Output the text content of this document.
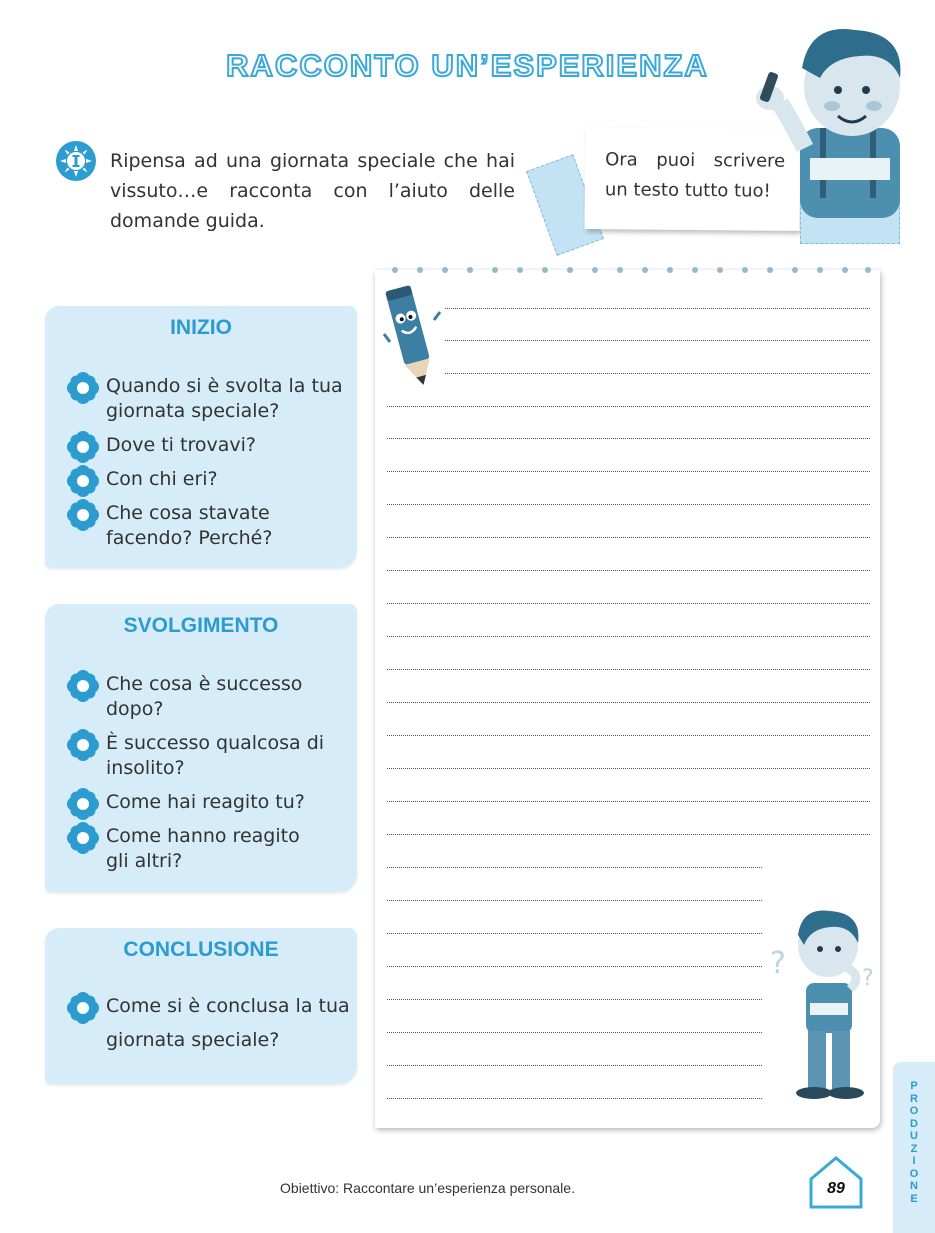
RACCONTO UN’ESPERIENZA
Ripensa ad una giornata speciale che hai vissuto…e racconta con l’aiuto delle domande guida.
Ora puoi scrivere un testo tutto tuo!
INIZIO
Quando si è svolta la tua giornata speciale?
Dove ti trovavi?
Con chi eri?
Che cosa stavate facendo? Perché?
SVOLGIMENTO
Che cosa è successo dopo?
È successo qualcosa di insolito?
Come hai reagito tu?
Come hanno reagito gli altri?
CONCLUSIONE
Come si è conclusa la tua giornata speciale?
?	?
Obiettivo: Raccontare un’esperienza personale.	89
P
R
O
D
U
Z
I
O
N
E
